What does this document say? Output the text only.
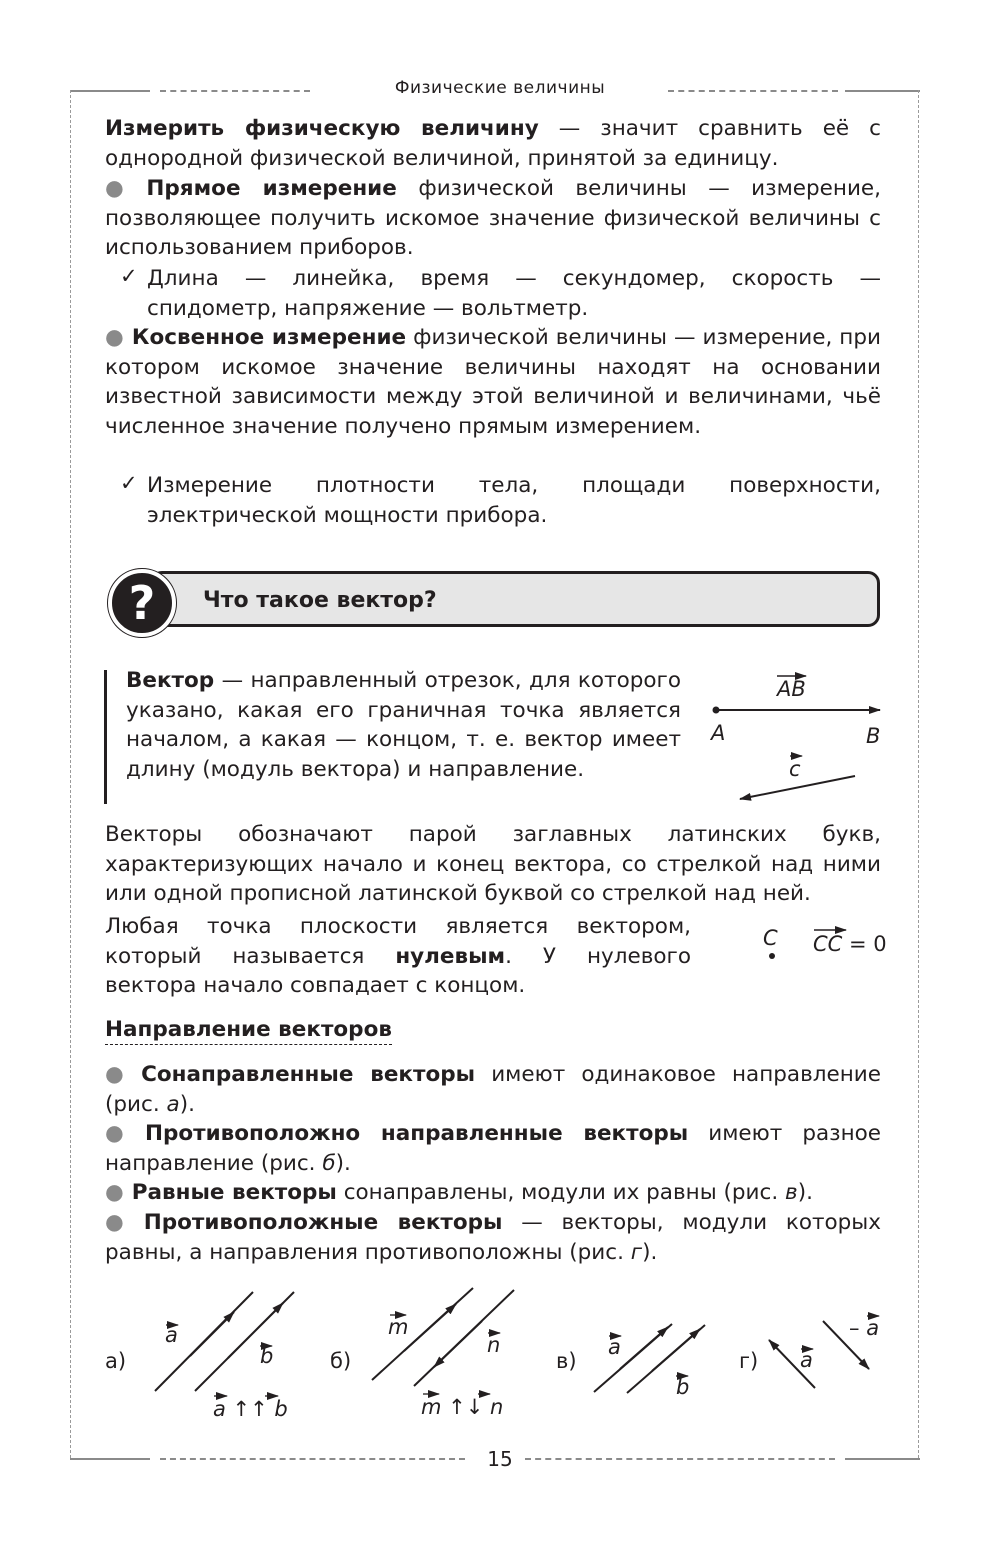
Физические величины
Измерить физическую величину — значит сравнить её с однородной физической величиной, принятой за единицу.
● Прямое измерение физической величины — измерение, позволяющее получить искомое значение физической величины с использованием приборов.
✓ Длина — линейка, время — секундомер, скорость — спидометр, напряжение — вольтметр.
● Косвенное измерение физической величины — измерение, при котором искомое значение величины находят на основании известной зависимости между этой величиной и величинами, чьё численное значение получено прямым измерением.
✓ Измерение плотности тела, площади поверхности, электрической мощности прибора.
?	Что такое вектор?
Вектор — направленный отрезок, для которого указано, какая его граничная точка является началом, а какая — концом, т. е. вектор имеет длину (модуль вектора) и направление.
Векторы обозначают парой заглавных латинских букв, характеризующих начало и конец вектора, со стрелкой над ними или одной прописной латинской буквой со стрелкой над ней.
Любая точка плоскости является вектором, который называется нулевым. У нулевого вектора начало совпадает с концом.
Направление векторов
● Сонаправленные векторы имеют одинаковое направление (рис. а).
● Противоположно направленные векторы имеют разное направление (рис. б).
● Равные векторы сонаправлены, модули их равны (рис. в).
● Противоположные векторы — векторы, модули которых равны, а направления противоположны (рис. г).
AB
A	B
c
C CC = 0
а)
a
b
a ↑↑ b
б)
m
n
m ↑↓ n
в)
a
b
г) a
– a
15
